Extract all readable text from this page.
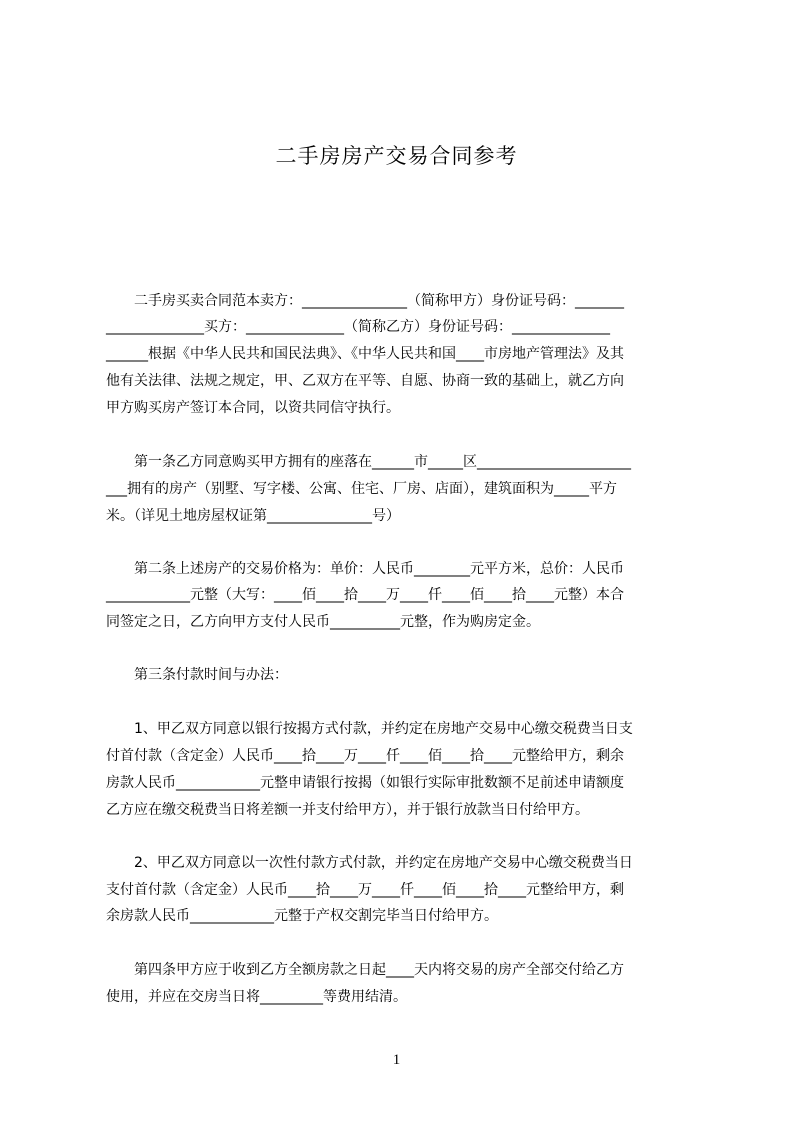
二手房房产交易合同参考
　　二手房买卖合同范本卖方：_______________（简称甲方）身份证号码：_______
______________买方：______________（简称乙方）身份证号码：______________
______根据《中华人民共和国民法典》、《中华人民共和国____市房地产管理法》及其
他有关法律、法规之规定，甲、乙双方在平等、自愿、协商一致的基础上，就乙方向
甲方购买房产签订本合同，以资共同信守执行。
　　第一条乙方同意购买甲方拥有的座落在______市_____区______________________
___拥有的房产（别墅、写字楼、公寓、住宅、厂房、店面），建筑面积为_____平方
米。（详见土地房屋权证第_______________号）
　　第二条上述房产的交易价格为：单价：人民币________元平方米，总价：人民币
____________元整（大写：____佰____拾____万____仟____佰____拾____元整）本合
同签定之日，乙方向甲方支付人民币__________元整，作为购房定金。
　　第三条付款时间与办法：
　　1、甲乙双方同意以银行按揭方式付款，并约定在房地产交易中心缴交税费当日支
付首付款（含定金）人民币____拾____万____仟____佰____拾____元整给甲方，剩余
房款人民币____________元整申请银行按揭（如银行实际审批数额不足前述申请额度
乙方应在缴交税费当日将差额一并支付给甲方），并于银行放款当日付给甲方。
　　2、甲乙双方同意以一次性付款方式付款，并约定在房地产交易中心缴交税费当日
支付首付款（含定金）人民币____拾____万____仟____佰____拾____元整给甲方，剩
余房款人民币____________元整于产权交割完毕当日付给甲方。
　　第四条甲方应于收到乙方全额房款之日起____天内将交易的房产全部交付给乙方
使用，并应在交房当日将_________等费用结清。
1
